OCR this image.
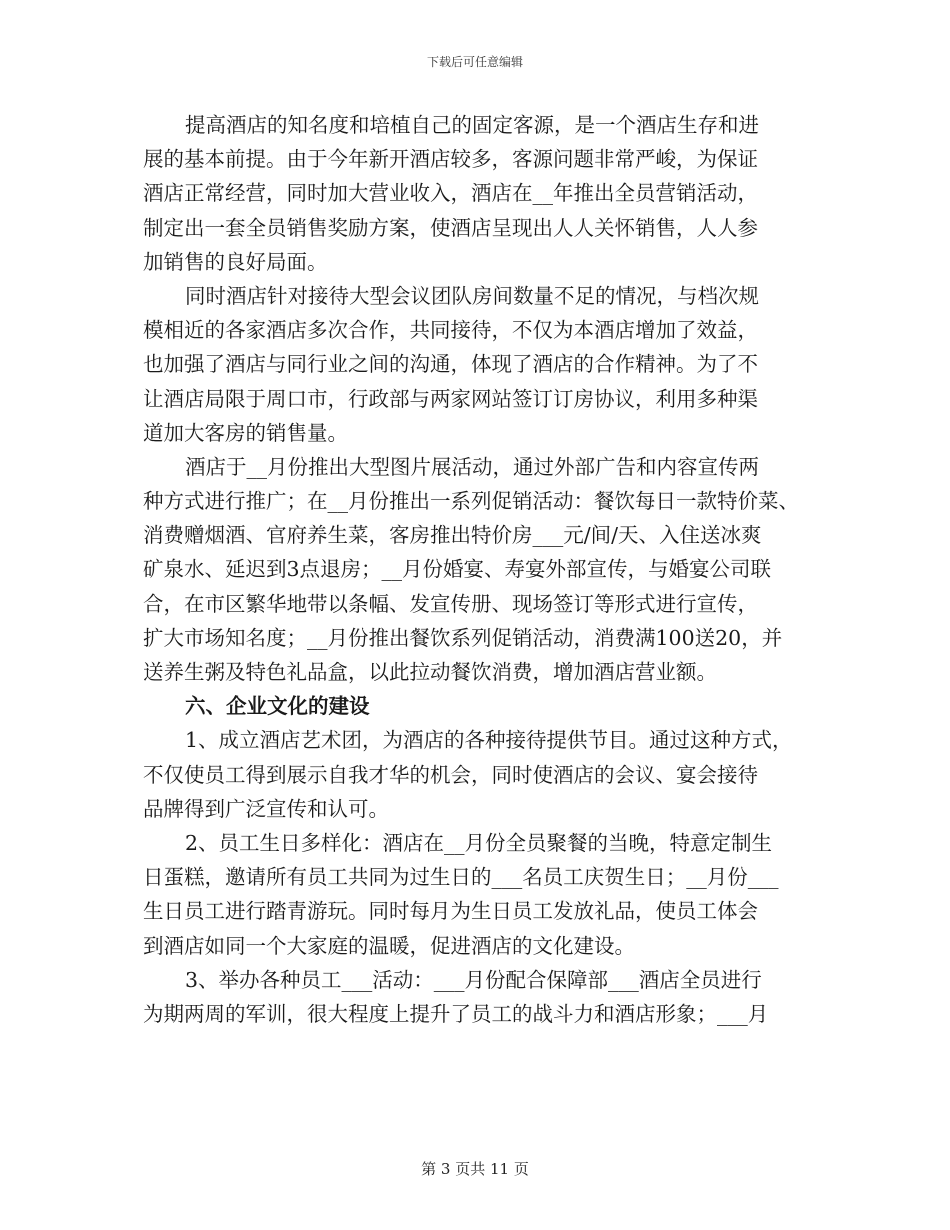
下载后可任意编辑
提高酒店的知名度和培植自己的固定客源，是一个酒店生存和进
展的基本前提。由于今年新开酒店较多，客源问题非常严峻，为保证
酒店正常经营，同时加大营业收入，酒店在__年推出全员营销活动，
制定出一套全员销售奖励方案，使酒店呈现出人人关怀销售，人人参
加销售的良好局面。
同时酒店针对接待大型会议团队房间数量不足的情况，与档次规
模相近的各家酒店多次合作，共同接待，不仅为本酒店增加了效益，
也加强了酒店与同行业之间的沟通，体现了酒店的合作精神。为了不
让酒店局限于周口市，行政部与两家网站签订订房协议，利用多种渠
道加大客房的销售量。
酒店于__月份推出大型图片展活动，通过外部广告和内容宣传两
种方式进行推广；在__月份推出一系列促销活动：餐饮每日一款特价菜、
消费赠烟酒、官府养生菜，客房推出特价房___元/间/天、入住送冰爽
矿泉水、延迟到3点退房；__月份婚宴、寿宴外部宣传，与婚宴公司联
合，在市区繁华地带以条幅、发宣传册、现场签订等形式进行宣传，
扩大市场知名度；__月份推出餐饮系列促销活动，消费满100送20，并
送养生粥及特色礼品盒，以此拉动餐饮消费，增加酒店营业额。
六、企业文化的建设
1、成立酒店艺术团，为酒店的各种接待提供节目。通过这种方式，
不仅使员工得到展示自我才华的机会，同时使酒店的会议、宴会接待
品牌得到广泛宣传和认可。
2、员工生日多样化：酒店在__月份全员聚餐的当晚，特意定制生
日蛋糕，邀请所有员工共同为过生日的___名员工庆贺生日；__月份___
生日员工进行踏青游玩。同时每月为生日员工发放礼品，使员工体会
到酒店如同一个大家庭的温暖，促进酒店的文化建设。
3、举办各种员工___活动：___月份配合保障部___酒店全员进行
为期两周的军训，很大程度上提升了员工的战斗力和酒店形象；___月
第 3 页共 11 页
